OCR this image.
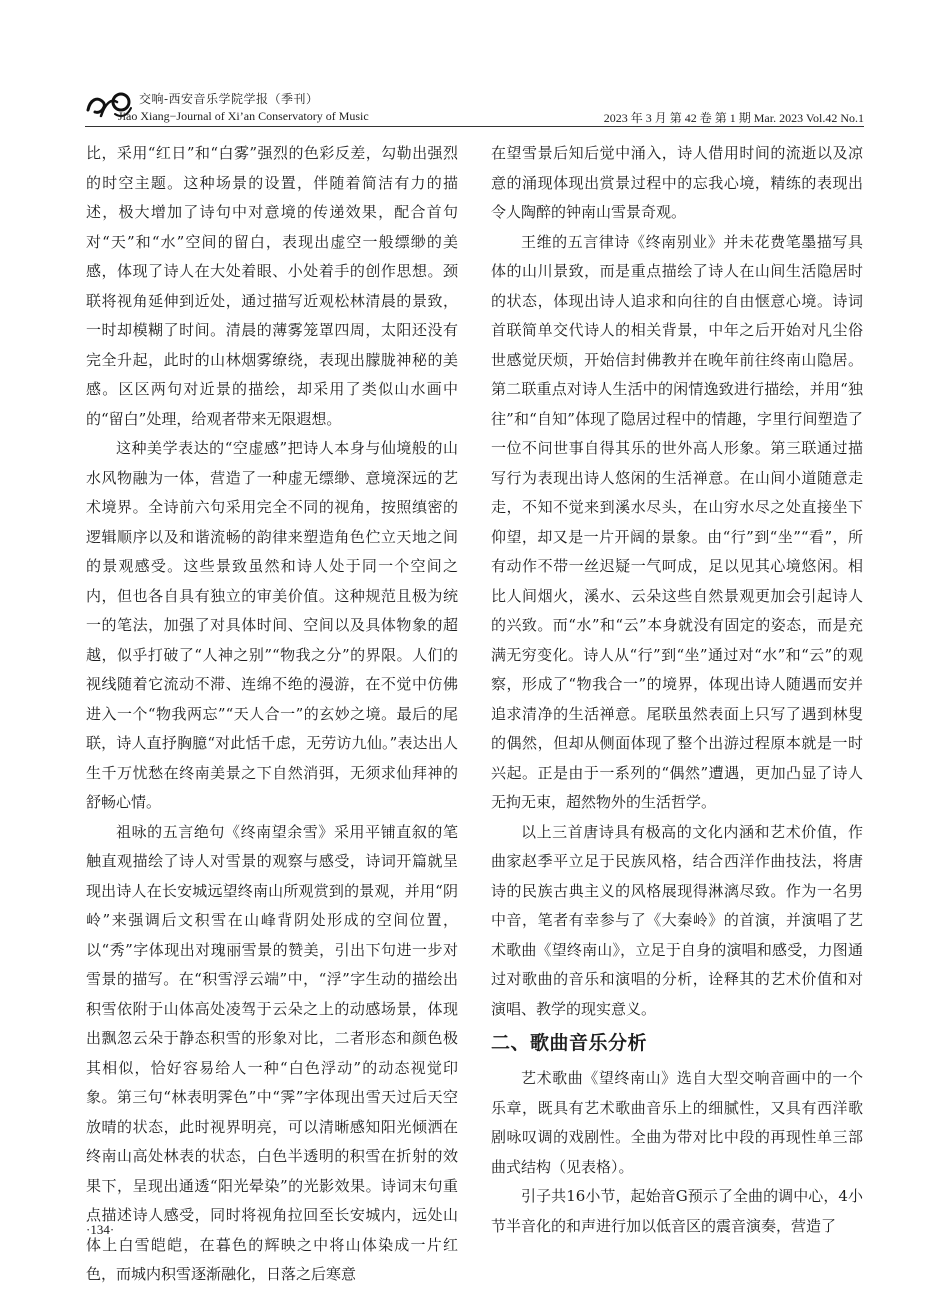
交响-西安音乐学院学报（季刊）
Jiao Xiang−Journal of Xi’an Conservatory of Music	2023 年 3 月 第 42 卷 第 1 期 Mar. 2023 Vol.42 No.1

比，采用“红日”和“白雾”强烈的色彩反差，勾勒出强烈的时空主题。这种场景的设置，伴随着简洁有力的描述，极大增加了诗句中对意境的传递效果，配合首句对“天”和“水”空间的留白，表现出虚空一般缥缈的美感，体现了诗人在大处着眼、小处着手的创作思想。颈联将视角延伸到近处，通过描写近观松林清晨的景致，一时却模糊了时间。清晨的薄雾笼罩四周，太阳还没有完全升起，此时的山林烟雾缭绕，表现出朦胧神秘的美感。区区两句对近景的描绘，却采用了类似山水画中的“留白”处理，给观者带来无限遐想。

这种美学表达的“空虚感”把诗人本身与仙境般的山水风物融为一体，营造了一种虚无缥缈、意境深远的艺术境界。全诗前六句采用完全不同的视角，按照缜密的逻辑顺序以及和谐流畅的韵律来塑造角色伫立天地之间的景观感受。这些景致虽然和诗人处于同一个空间之内，但也各自具有独立的审美价值。这种规范且极为统一的笔法，加强了对具体时间、空间以及具体物象的超越，似乎打破了“人神之别”“物我之分”的界限。人们的视线随着它流动不滞、连绵不绝的漫游，在不觉中仿佛进入一个“物我两忘”“天人合一”的玄妙之境。最后的尾联，诗人直抒胸臆“对此恬千虑，无劳访九仙。”表达出人生千万忧愁在终南美景之下自然消弭，无须求仙拜神的舒畅心情。

祖咏的五言绝句《终南望余雪》采用平铺直叙的笔触直观描绘了诗人对雪景的观察与感受，诗词开篇就呈现出诗人在长安城远望终南山所观赏到的景观，并用“阴岭”来强调后文积雪在山峰背阴处形成的空间位置，以“秀”字体现出对瑰丽雪景的赞美，引出下句进一步对雪景的描写。在“积雪浮云端”中，“浮”字生动的描绘出积雪依附于山体高处凌驾于云朵之上的动感场景，体现出飘忽云朵于静态积雪的形象对比，二者形态和颜色极其相似，恰好容易给人一种“白色浮动”的动态视觉印象。第三句“林表明霁色”中“霁”字体现出雪天过后天空放晴的状态，此时视界明亮，可以清晰感知阳光倾洒在终南山高处林表的状态，白色半透明的积雪在折射的效果下，呈现出通透“阳光晕染”的光影效果。诗词末句重点描述诗人感受，同时将视角拉回至长安城内，远处山体上白雪皑皑，在暮色的辉映之中将山体染成一片红色，而城内积雪逐渐融化，日落之后寒意

在望雪景后知后觉中涌入，诗人借用时间的流逝以及凉意的涌现体现出赏景过程中的忘我心境，精练的表现出令人陶醉的钟南山雪景奇观。

王维的五言律诗《终南别业》并未花费笔墨描写具体的山川景致，而是重点描绘了诗人在山间生活隐居时的状态，体现出诗人追求和向往的自由惬意心境。诗词首联简单交代诗人的相关背景，中年之后开始对凡尘俗世感觉厌烦，开始信封佛教并在晚年前往终南山隐居。第二联重点对诗人生活中的闲情逸致进行描绘，并用“独往”和“自知”体现了隐居过程中的情趣，字里行间塑造了一位不问世事自得其乐的世外高人形象。第三联通过描写行为表现出诗人悠闲的生活禅意。在山间小道随意走走，不知不觉来到溪水尽头，在山穷水尽之处直接坐下仰望，却又是一片开阔的景象。由“行”到“坐”“看”，所有动作不带一丝迟疑一气呵成，足以见其心境悠闲。相比人间烟火，溪水、云朵这些自然景观更加会引起诗人的兴致。而“水”和“云”本身就没有固定的姿态，而是充满无穷变化。诗人从“行”到“坐”通过对“水”和“云”的观察，形成了“物我合一”的境界，体现出诗人随遇而安并追求清净的生活禅意。尾联虽然表面上只写了遇到林叟的偶然，但却从侧面体现了整个出游过程原本就是一时兴起。正是由于一系列的“偶然”遭遇，更加凸显了诗人无拘无束，超然物外的生活哲学。

以上三首唐诗具有极高的文化内涵和艺术价值，作曲家赵季平立足于民族风格，结合西洋作曲技法，将唐诗的民族古典主义的风格展现得淋漓尽致。作为一名男中音，笔者有幸参与了《大秦岭》的首演，并演唱了艺术歌曲《望终南山》，立足于自身的演唱和感受，力图通过对歌曲的音乐和演唱的分析，诠释其的艺术价值和对演唱、教学的现实意义。

二、歌曲音乐分析

艺术歌曲《望终南山》选自大型交响音画中的一个乐章，既具有艺术歌曲音乐上的细腻性，又具有西洋歌剧咏叹调的戏剧性。全曲为带对比中段的再现性单三部曲式结构（见表格）。

引子共16小节，起始音G预示了全曲的调中心，4小节半音化的和声进行加以低音区的震音演奏，营造了

·134·
